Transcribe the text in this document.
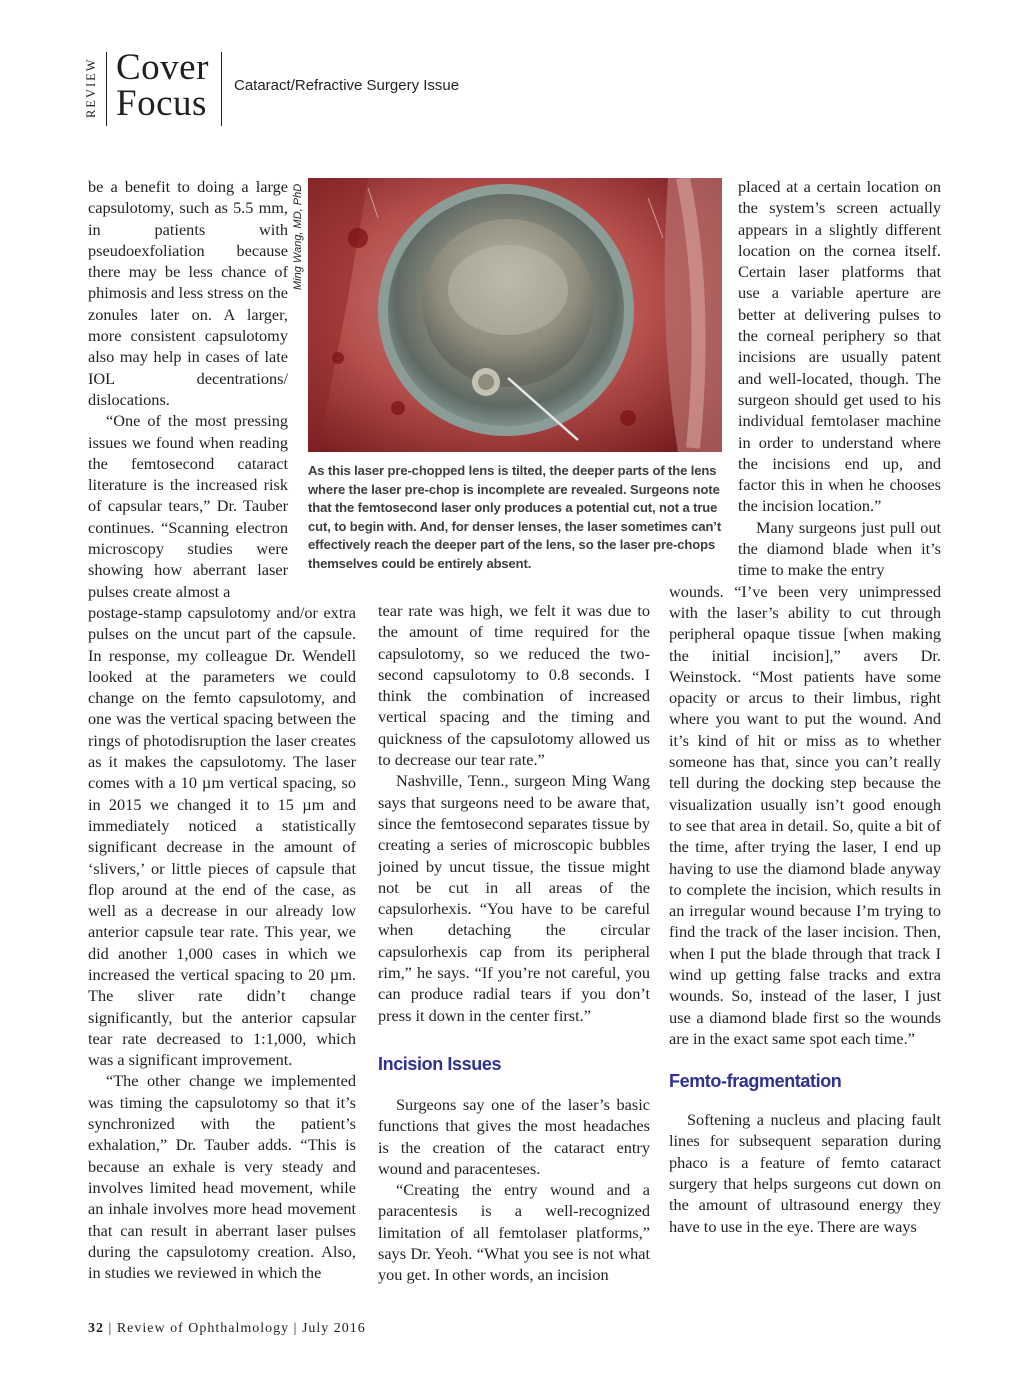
REVIEW Cover
Focus Cataract/Refractive Surgery Issue

be a benefit to doing a large capsulotomy, such as 5.5 mm, in patients with pseudoexfoliation because there may be less chance of phimosis and less stress on the zonules later on. A larger, more consistent capsulotomy also may help in cases of late IOL decentrations/ dislocations.

“One of the most pressing issues we found when reading the femtosecond cataract literature is the increased risk of capsular tears,” Dr. Tauber continues. “Scanning electron microscopy studies were showing how aberrant laser pulses create almost a

postage-stamp capsulotomy and/or extra pulses on the uncut part of the capsule. In response, my colleague Dr. Wendell looked at the parameters we could change on the femto capsulotomy, and one was the vertical spacing between the rings of photodisruption the laser creates as it makes the capsulotomy. The laser comes with a 10 µm vertical spacing, so in 2015 we changed it to 15 µm and immediately noticed a statistically significant decrease in the amount of ‘slivers,’ or little pieces of capsule that flop around at the end of the case, as well as a decrease in our already low anterior capsule tear rate. This year, we did another 1,000 cases in which we increased the vertical spacing to 20 µm. The sliver rate didn’t change significantly, but the anterior capsular tear rate decreased to 1:1,000, which was a significant improvement.

“The other change we implemented was timing the capsulotomy so that it’s synchronized with the patient’s exhalation,” Dr. Tauber adds. “This is because an exhale is very steady and involves limited head movement, while an inhale involves more head movement that can result in aberrant laser pulses during the capsulotomy creation. Also, in studies we reviewed in which the

Ming Wang, MD, PhD
As this laser pre-chopped lens is tilted, the deeper parts of the lens where the laser pre-chop is incomplete are revealed. Surgeons note that the femtosecond laser only produces a potential cut, not a true cut, to begin with. And, for denser lenses, the laser sometimes can’t effectively reach the deeper part of the lens, so the laser pre-chops themselves could be entirely absent.

tear rate was high, we felt it was due to the amount of time required for the capsulotomy, so we reduced the two-second capsulotomy to 0.8 seconds. I think the combination of increased vertical spacing and the timing and quickness of the capsulotomy allowed us to decrease our tear rate.”

Nashville, Tenn., surgeon Ming Wang says that surgeons need to be aware that, since the femtosecond separates tissue by creating a series of microscopic bubbles joined by uncut tissue, the tissue might not be cut in all areas of the capsulorhexis. “You have to be careful when detaching the circular capsulorhexis cap from its peripheral rim,” he says. “If you’re not careful, you can produce radial tears if you don’t press it down in the center first.”

Incision Issues

Surgeons say one of the laser’s basic functions that gives the most headaches is the creation of the cataract entry wound and paracenteses.

“Creating the entry wound and a paracentesis is a well-recognized limitation of all femtolaser platforms,” says Dr. Yeoh. “What you see is not what you get. In other words, an incision

placed at a certain location on the system’s screen actually appears in a slightly different location on the cornea itself. Certain laser platforms that use a variable aperture are better at delivering pulses to the corneal periphery so that incisions are usually patent and well-located, though. The surgeon should get used to his individual femtolaser machine in order to understand where the incisions end up, and factor this in when he chooses the incision location.”

Many surgeons just pull out the diamond blade when it’s time to make the entry

wounds. “I’ve been very unimpressed with the laser’s ability to cut through peripheral opaque tissue [when making the initial incision],” avers Dr. Weinstock. “Most patients have some opacity or arcus to their limbus, right where you want to put the wound. And it’s kind of hit or miss as to whether someone has that, since you can’t really tell during the docking step because the visualization usually isn’t good enough to see that area in detail. So, quite a bit of the time, after trying the laser, I end up having to use the diamond blade anyway to complete the incision, which results in an irregular wound because I’m trying to find the track of the laser incision. Then, when I put the blade through that track I wind up getting false tracks and extra wounds. So, instead of the laser, I just use a diamond blade first so the wounds are in the exact same spot each time.”

Femto-fragmentation

Softening a nucleus and placing fault lines for subsequent separation during phaco is a feature of femto cataract surgery that helps surgeons cut down on the amount of ultrasound energy they have to use in the eye. There are ways

32 | Review of Ophthalmology | July 2016
